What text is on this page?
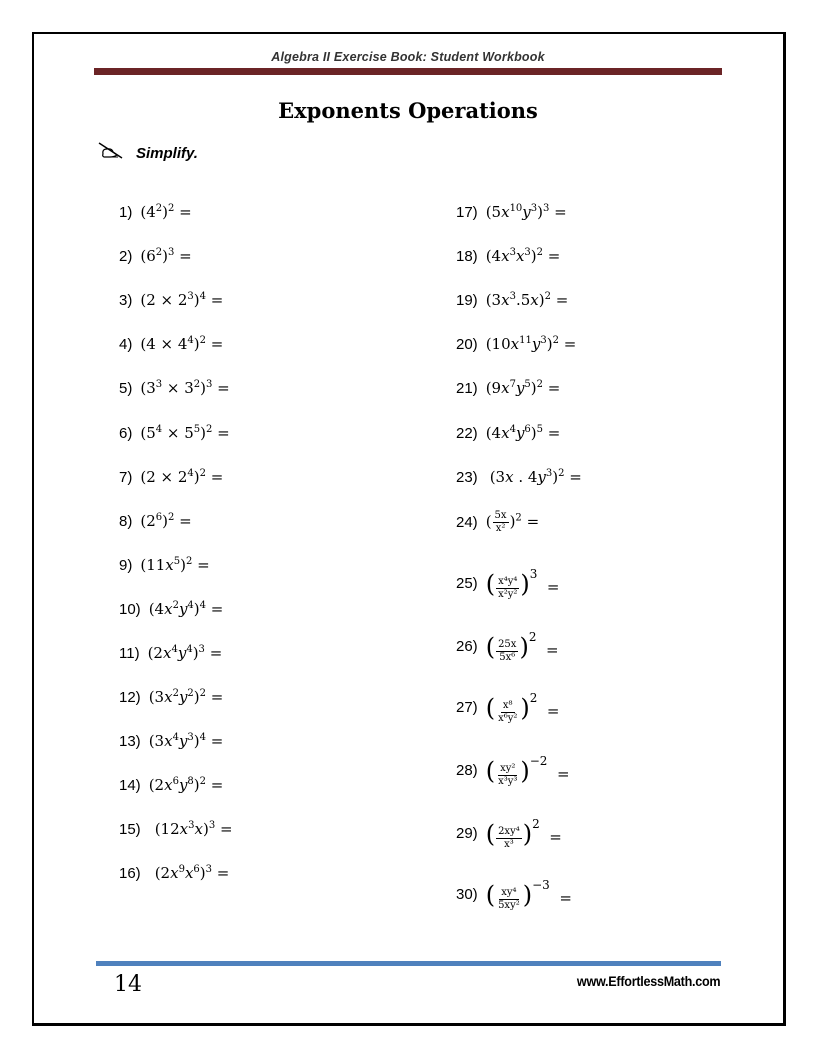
Algebra II Exercise Book: Student Workbook
Exponents Operations
Simplify.
1) $(4^2)^2$ =
2) $(6^2)^3$ =
3) $(2 \times 2^3)^4$ =
4) $(4 \times 4^4)^2$ =
5) $(3^3 \times 3^2)^3$ =
6) $(5^4 \times 5^5)^2$ =
7) $(2 \times 2^4)^2$ =
8) $(2^6)^2$ =
9) $(11x^5)^2$ =
10) $(4x^2y^4)^4$ =
11) $(2x^4y^4)^3$ =
12) $(3x^2y^2)^2$ =
13) $(3x^4y^3)^4$ =
14) $(2x^6y^8)^2$ =
15) $(12x^3x)^3$ =
16) $(2x^9x^6)^3$ =
17) $(5x^{10}y^3)^3$ =
18) $(4x^3x^3)^2$ =
19) $(3x^3.5x)^2$ =
20) $(10x^{11}y^3)^2$ =
21) $(9x^7y^5)^2$ =
22) $(4x^4y^6)^5$ =
23) (3x . $4y^3)^2$ =
24) ( $\frac{5x}{\text{x²}} )^2$ =
25) ( $\frac{\text{x⁴y⁴}}{\text{x²y²}} )^3$  =
26) ( $\frac{25x}{\text{5x⁶}} )^2$  =
27) ( $\frac{\text{x⁸}}{\text{x⁶y²}} )^2$  =
28) ( $\frac{\text{xy²}}{\text{x³y³}} )^{-2}$  =
29) ( $\frac{\text{2xy⁴}}{\text{x³}} )^2$  =
30) ( $\frac{\text{xy⁴}}{\text{5xy²}} )^{-3}$  =
14	www.EffortlessMath.com
